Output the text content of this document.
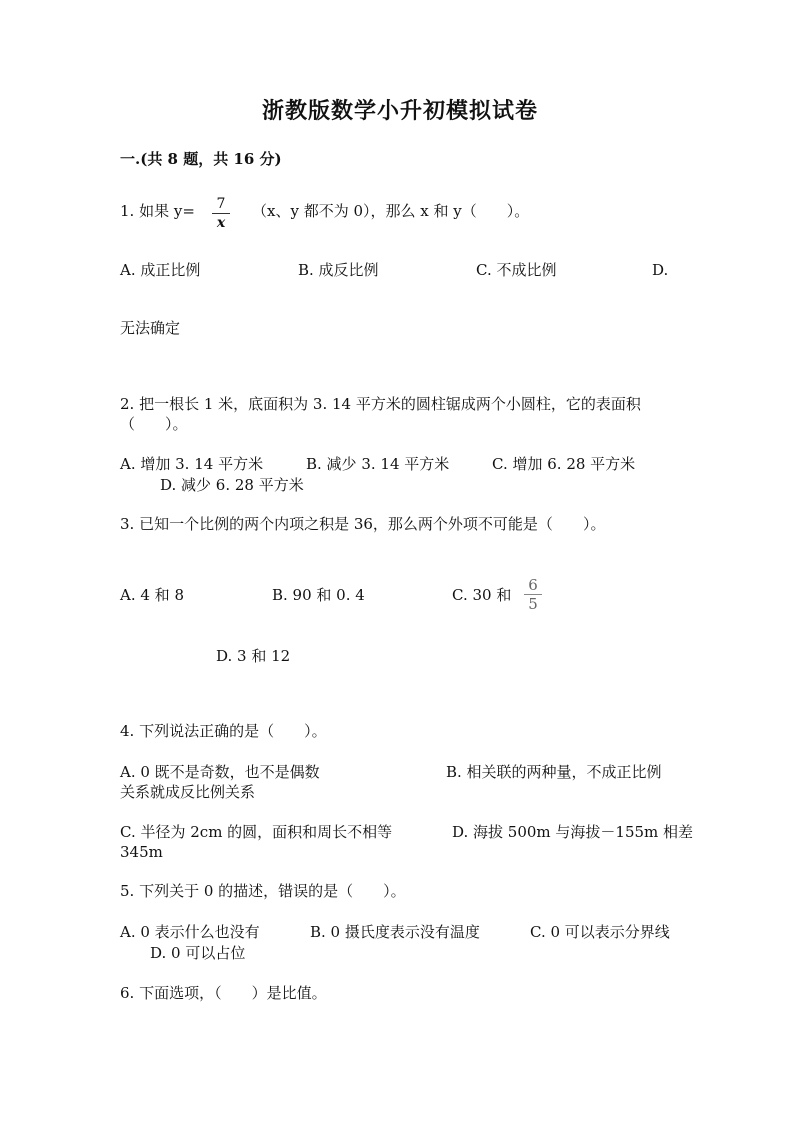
浙教版数学小升初模拟试卷
一.(共 8 题，共 16 分)
1. 如果 y=	7
x
（x、y 都不为 0），那么 x 和 y（　　）。
A. 成正比例	B. 成反比例	C. 不成比例	D.
无法确定
2. 把一根长 1 米，底面积为 3. 14 平方米的圆柱锯成两个小圆柱，它的表面积
（　　）。
A. 增加 3. 14 平方米	B. 减少 3. 14 平方米	C. 增加 6. 28 平方米
D. 减少 6. 28 平方米
3. 已知一个比例的两个内项之积是 36，那么两个外项不可能是（　　）。
A. 4 和 8	B. 90 和 0. 4	C. 30 和
6
5
D. 3 和 12
4. 下列说法正确的是（　　）。
A. 0 既不是奇数，也不是偶数	B. 相关联的两种量，不成正比例
关系就成反比例关系
C. 半径为 2cm 的圆，面积和周长不相等	D. 海拔 500m 与海拔－155m 相差
345m
5. 下列关于 0 的描述，错误的是（　　）。
A. 0 表示什么也没有	B. 0 摄氏度表示没有温度	C. 0 可以表示分界线
D. 0 可以占位
6. 下面选项，（　　）是比值。
